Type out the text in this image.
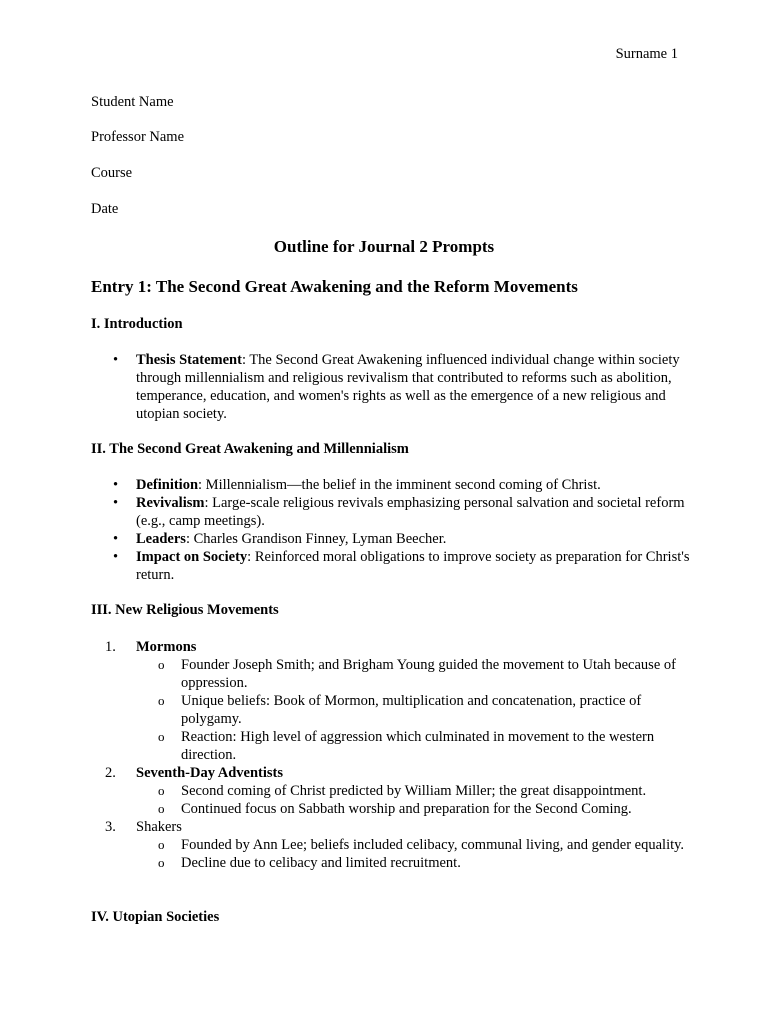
Surname 1
Student Name
Professor Name
Course
Date
Outline for Journal 2 Prompts
Entry 1: The Second Great Awakening and the Reform Movements
I. Introduction
•	Thesis Statement: The Second Great Awakening influenced individual change within society through millennialism and religious revivalism that contributed to reforms such as abolition, temperance, education, and women's rights as well as the emergence of a new religious and utopian society.
II. The Second Great Awakening and Millennialism
•	Definition: Millennialism—the belief in the imminent second coming of Christ.
•	Revivalism: Large-scale religious revivals emphasizing personal salvation and societal reform (e.g., camp meetings).
•	Leaders: Charles Grandison Finney, Lyman Beecher.
•	Impact on Society: Reinforced moral obligations to improve society as preparation for Christ's return.
III. New Religious Movements
1.	Mormons
o Founder Joseph Smith; and Brigham Young guided the movement to Utah because of oppression.
o Unique beliefs: Book of Mormon, multiplication and concatenation, practice of polygamy.
o Reaction: High level of aggression which culminated in movement to the western direction.
2.	Seventh-Day Adventists
o Second coming of Christ predicted by William Miller; the great disappointment.
o Continued focus on Sabbath worship and preparation for the Second Coming.
3.	Shakers
o Founded by Ann Lee; beliefs included celibacy, communal living, and gender equality.
o Decline due to celibacy and limited recruitment.
IV. Utopian Societies
